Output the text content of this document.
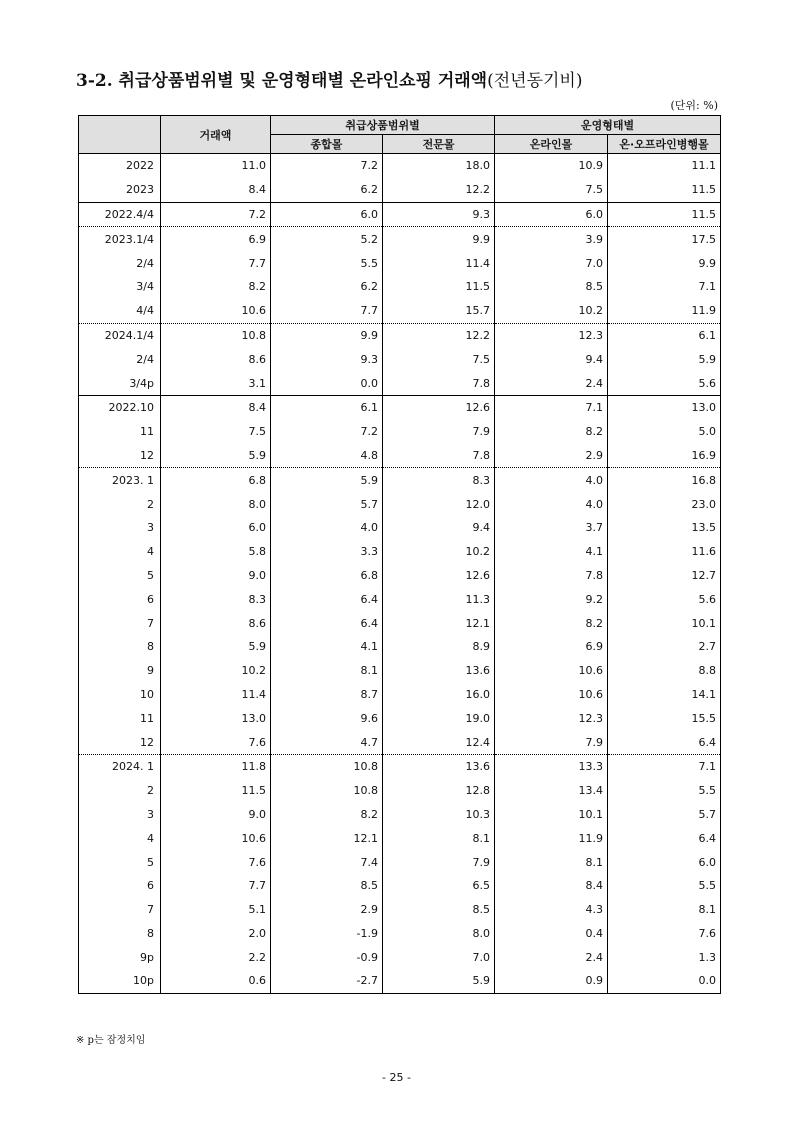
3-2. 취급상품범위별 및 운영형태별 온라인쇼핑 거래액(전년동기비)
(단위: %)
	거래액	취급상품범위별		운영형태별	
		종합몰	전문몰	온라인몰	온·오프라인병행몰
2022	11.0	7.2	18.0	10.9	11.1
2023	8.4	6.2	12.2	7.5	11.5
2022.4/4	7.2	6.0	9.3	6.0	11.5
2023.1/4	6.9	5.2	9.9	3.9	17.5
2/4	7.7	5.5	11.4	7.0	9.9
3/4	8.2	6.2	11.5	8.5	7.1
4/4	10.6	7.7	15.7	10.2	11.9
2024.1/4	10.8	9.9	12.2	12.3	6.1
2/4	8.6	9.3	7.5	9.4	5.9
3/4p	3.1	0.0	7.8	2.4	5.6
2022.10	8.4	6.1	12.6	7.1	13.0
11	7.5	7.2	7.9	8.2	5.0
12	5.9	4.8	7.8	2.9	16.9
2023. 1	6.8	5.9	8.3	4.0	16.8
2	8.0	5.7	12.0	4.0	23.0
3	6.0	4.0	9.4	3.7	13.5
4	5.8	3.3	10.2	4.1	11.6
5	9.0	6.8	12.6	7.8	12.7
6	8.3	6.4	11.3	9.2	5.6
7	8.6	6.4	12.1	8.2	10.1
8	5.9	4.1	8.9	6.9	2.7
9	10.2	8.1	13.6	10.6	8.8
10	11.4	8.7	16.0	10.6	14.1
11	13.0	9.6	19.0	12.3	15.5
12	7.6	4.7	12.4	7.9	6.4
2024. 1	11.8	10.8	13.6	13.3	7.1
2	11.5	10.8	12.8	13.4	5.5
3	9.0	8.2	10.3	10.1	5.7
4	10.6	12.1	8.1	11.9	6.4
5	7.6	7.4	7.9	8.1	6.0
6	7.7	8.5	6.5	8.4	5.5
7	5.1	2.9	8.5	4.3	8.1
8	2.0	-1.9	8.0	0.4	7.6
9p	2.2	-0.9	7.0	2.4	1.3
10p	0.6	-2.7	5.9	0.9	0.0
※ p는 잠정치임
- 25 -
